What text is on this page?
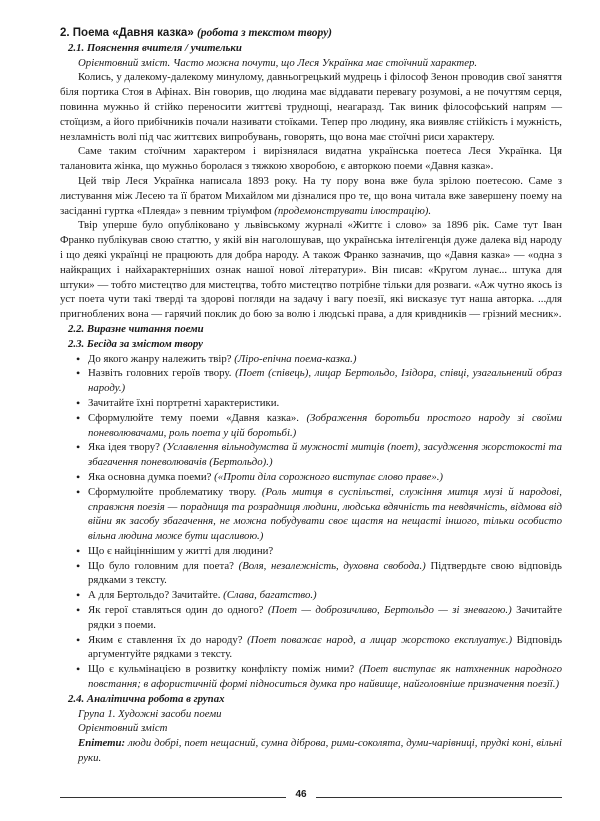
2. Поема «Давня казка» (робота з текстом твору)

2.1. Пояснення вчителя / учительки

Орієнтовний зміст. Часто можна почути, що Леся Українка має стоїчний характер.

Колись, у далекому-далекому минулому, давньогрецький мудрець і філософ Зенон проводив свої заняття біля портика Стоя в Афінах. Він говорив, що людина має віддавати перевагу розумові, а не почуттям серця, повинна мужньо й стійко переносити життєві труднощі, неагаразд. Так виник філософський напрям — стоїцизм, а його прибічників почали називати стоїками. Тепер про людину, яка виявляє стійкість і мужність, незламність волі під час життєвих випробувань, говорять, що вона має стоїчні риси характеру.

Саме таким стоїчним характером і вирізнялася видатна українська поетеса Леся Українка. Ця талановита жінка, що мужньо боролася з тяжкою хворобою, є авторкою поеми «Давня казка».

Цей твір Леся Українка написала 1893 року. На ту пору вона вже була зрілою поетесою. Саме з листування між Лесею та її братом Михайлом ми дізналися про те, що вона читала вже завершену поему на засіданні гуртка «Плеяда» з певним тріумфом (продемонструвати ілюстрацію).

Твір уперше було опубліковано у львівському журналі «Життє і слово» за 1896 рік. Саме тут Іван Франко публікував свою статтю, у якій він наголошував, що українська інтелігенція дуже далека від народу і що деякі українці не працюють для добра народу. А також Франко зазначив, що «Давня казка» — «одна з найкращих і найхарактерніших ознак нашої нової літератури». Він писав: «Кругом лунає... штука для штуки» — тобто мистецтво для мистецтва, тобто мистецтво потрібне тільки для розваги. «Аж чутно якось із уст поета чути такі тверді та здорові погляди на задачу і вагу поезії, які висказує тут наша авторка. ...для пригноблених вона — гарячий поклик до бою за волю і людські права, а для кривдників — грізний месник».

2.2. Виразне читання поеми

2.3. Бесіда за змістом твору

• До якого жанру належить твір? (Ліро-епічна поема-казка.)
• Назвіть головних героїв твору. (Поет (співець), лицар Бертольдо, Ізідора, співці, узагальнений образ народу.)
• Зачитайте їхні портретні характеристики.
• Сформулюйте тему поеми «Давня казка». (Зображення боротьби простого народу зі своїми поневолювачами, роль поета у цій боротьбі.)
• Яка ідея твору? (Уславлення вільнодумства й мужності митців (поет), засудження жорстокості та збагачення поневолювачів (Бертольдо).)
• Яка основна думка поеми? («Проти діла сорожного виступає слово праве».)
• Сформулюйте проблематику твору. (Роль митця в суспільстві, служіння митця музі й народові, справжня поезія — порадниця та розрадниця людини, людська вдячність та невдячність, відмова від війни як засобу збагачення, не можна побудувати своє щастя на нещасті іншого, тільки особисто вільна людина може бути щасливою.)
• Що є найціннішим у житті для людини?
• Що було головним для поета? (Воля, незалежність, духовна свобода.) Підтвердьте свою відповідь рядками з тексту.
• А для Бертольдо? Зачитайте. (Слава, багатство.)
• Як герої ставляться один до одного? (Поет — доброзичливо, Бертольдо — зі зневагою.) Зачитайте рядки з поеми.
• Яким є ставлення їх до народу? (Поет поважає народ, а лицар жорстоко експлуатує.) Відповідь аргументуйте рядками з тексту.
• Що є кульмінацією в розвитку конфлікту поміж ними? (Поет виступає як натхненник народного повстання; в афористичній формі підноситься думка про найвище, найголовніше призначення поезії.)

2.4. Аналітична робота в групах

Група 1. Художні засоби поеми

Орієнтовний зміст

Епітети: люди добрі, поет нещасний, сумна діброва, рими-соколята, думи-чарівниці, прудкі коні, вільні руки.

46
